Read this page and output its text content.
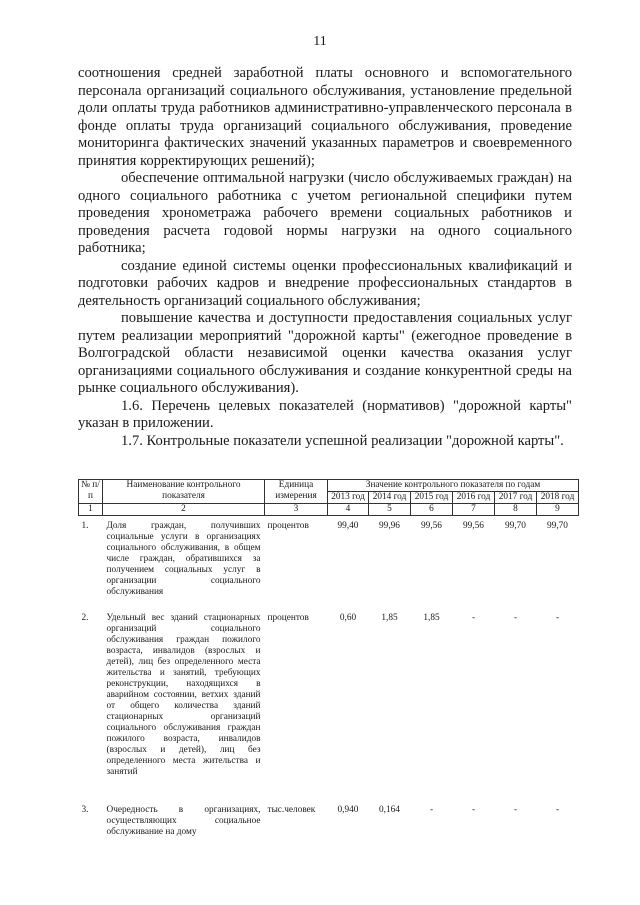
11

соотношения средней заработной платы основного и вспомогательного персонала организаций социального обслуживания, установление предельной доли оплаты труда работников административно-управленческого персонала в фонде оплаты труда организаций социального обслуживания, проведение мониторинга фактических значений указанных параметров и своевременного принятия корректирующих решений);

обеспечение оптимальной нагрузки (число обслуживаемых граждан) на одного социального работника с учетом региональной специфики путем проведения хронометража рабочего времени социальных работников и проведения расчета годовой нормы нагрузки на одного социального работника;

создание единой системы оценки профессиональных квалификаций и подготовки рабочих кадров и внедрение профессиональных стандартов в деятельность организаций социального обслуживания;

повышение качества и доступности предоставления социальных услуг путем реализации мероприятий "дорожной карты" (ежегодное проведение в Волгоградской области независимой оценки качества оказания услуг организациями социального обслуживания и создание конкурентной среды на рынке социального обслуживания).

1.6. Перечень целевых показателей (нормативов) "дорожной карты" указан в приложении.

1.7. Контрольные показатели успешной реализации "дорожной карты".

№ п/п	Наименование контрольного показателя	Единица измерения	Значение контрольного показателя по годам					
			2013 год	2014 год	2015 год	2016 год	2017 год	2018 год
1	2	3	4	5	6	7	8	9
1.	Доля граждан, получивших социальные услуги в организациях социального обслуживания, в общем числе граждан, обратившихся за получением социальных услуг в организации социального обслуживания	процентов	99,40	99,96	99,56	99,56	99,70	99,70
2.	Удельный вес зданий стационарных организаций социального обслуживания граждан пожилого возраста, инвалидов (взрослых и детей), лиц без определенного места жительства и занятий, требующих реконструкции, находящихся в аварийном состоянии, ветхих зданий от общего количества зданий стационарных организаций социального обслуживания граждан пожилого возраста, инвалидов (взрослых и детей), лиц без определенного места жительства и занятий	процентов	0,60	1,85	1,85	-	-	-
3.	Очередность в организациях, осуществляющих социальное обслуживание на дому	тыс.человек	0,940	0,164	-	-	-	-
